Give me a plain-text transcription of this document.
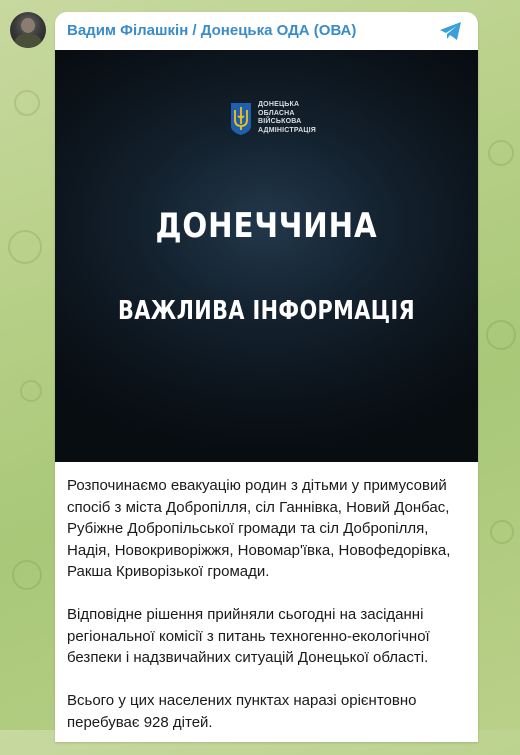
Вадим Філашкін / Донецька ОДА (ОВА)
ДОНЕЦЬКА
ОБЛАСНА
ВІЙСЬКОВА
АДМІНІСТРАЦІЯ
ДОНЕЧЧИНА
ВАЖЛИВА ІНФОРМАЦІЯ

Розпочинаємо евакуацію родин з дітьми у примусовий
спосіб з міста Добропілля, сіл Ганнівка, Новий Донбас,
Рубіжне Добропільської громади та сіл Добропілля,
Надія, Новокриворіжжя, Новомар'ївка, Новофедорівка,
Ракша Криворізької громади.

Відповідне рішення прийняли сьогодні на засіданні
регіональної комісії з питань техногенно-екологічної
безпеки і надзвичайних ситуацій Донецької області.

Всього у цих населених пунктах наразі орієнтовно
перебуває 928 дітей.
